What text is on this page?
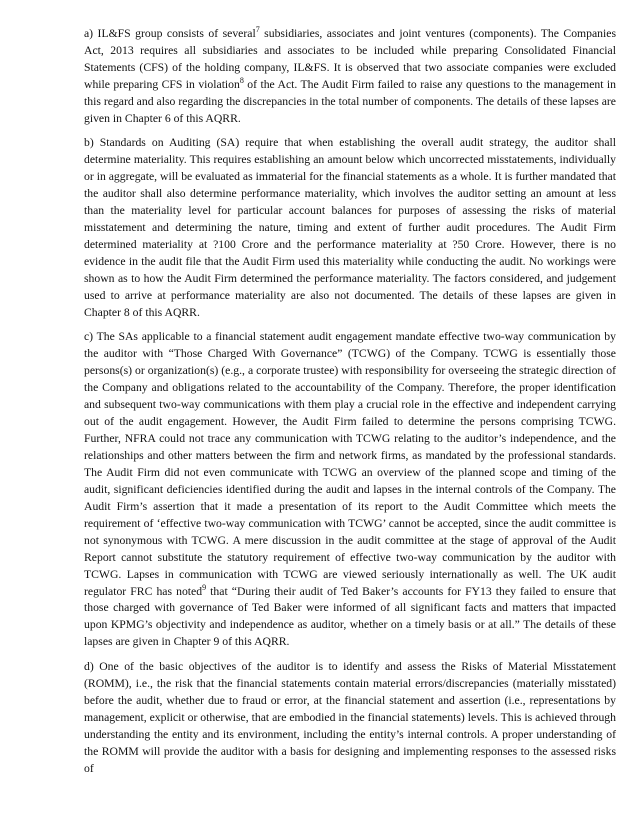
a) IL&FS group consists of several$^7$ subsidiaries, associates and joint ventures (components). The Companies Act, 2013 requires all subsidiaries and associates to be included while preparing Consolidated Financial Statements (CFS) of the holding company, IL&FS. It is observed that two associate companies were excluded while preparing CFS in violation$^8$ of the Act. The Audit Firm failed to raise any questions to the management in this regard and also regarding the discrepancies in the total number of components. The details of these lapses are given in Chapter 6 of this AQRR.

b) Standards on Auditing (SA) require that when establishing the overall audit strategy, the auditor shall determine materiality. This requires establishing an amount below which uncorrected misstatements, individually or in aggregate, will be evaluated as immaterial for the financial statements as a whole. It is further mandated that the auditor shall also determine performance materiality, which involves the auditor setting an amount at less than the materiality level for particular account balances for purposes of assessing the risks of material misstatement and determining the nature, timing and extent of further audit procedures. The Audit Firm determined materiality at ?100 Crore and the performance materiality at ?50 Crore. However, there is no evidence in the audit file that the Audit Firm used this materiality while conducting the audit. No workings were shown as to how the Audit Firm determined the performance materiality. The factors considered, and judgement used to arrive at performance materiality are also not documented. The details of these lapses are given in Chapter 8 of this AQRR.

c) The SAs applicable to a financial statement audit engagement mandate effective two-way communication by the auditor with “Those Charged With Governance” (TCWG) of the Company. TCWG is essentially those persons(s) or organization(s) (e.g., a corporate trustee) with responsibility for overseeing the strategic direction of the Company and obligations related to the accountability of the Company. Therefore, the proper identification and subsequent two-way communications with them play a crucial role in the effective and independent carrying out of the audit engagement. However, the Audit Firm failed to determine the persons comprising TCWG. Further, NFRA could not trace any communication with TCWG relating to the auditor’s independence, and the relationships and other matters between the firm and network firms, as mandated by the professional standards. The Audit Firm did not even communicate with TCWG an overview of the planned scope and timing of the audit, significant deficiencies identified during the audit and lapses in the internal controls of the Company. The Audit Firm’s assertion that it made a presentation of its report to the Audit Committee which meets the requirement of ‘effective two-way communication with TCWG’ cannot be accepted, since the audit committee is not synonymous with TCWG. A mere discussion in the audit committee at the stage of approval of the Audit Report cannot substitute the statutory requirement of effective two-way communication by the auditor with TCWG. Lapses in communication with TCWG are viewed seriously internationally as well. The UK audit regulator FRC has noted$^9$ that “During their audit of Ted Baker’s accounts for FY13 they failed to ensure that those charged with governance of Ted Baker were informed of all significant facts and matters that impacted upon KPMG’s objectivity and independence as auditor, whether on a timely basis or at all.” The details of these lapses are given in Chapter 9 of this AQRR.

d) One of the basic objectives of the auditor is to identify and assess the Risks of Material Misstatement (ROMM), i.e., the risk that the financial statements contain material errors/discrepancies (materially misstated) before the audit, whether due to fraud or error, at the financial statement and assertion (i.e., representations by management, explicit or otherwise, that are embodied in the financial statements) levels. This is achieved through understanding the entity and its environment, including the entity’s internal controls. A proper understanding of the ROMM will provide the auditor with a basis for designing and implementing responses to the assessed risks of
